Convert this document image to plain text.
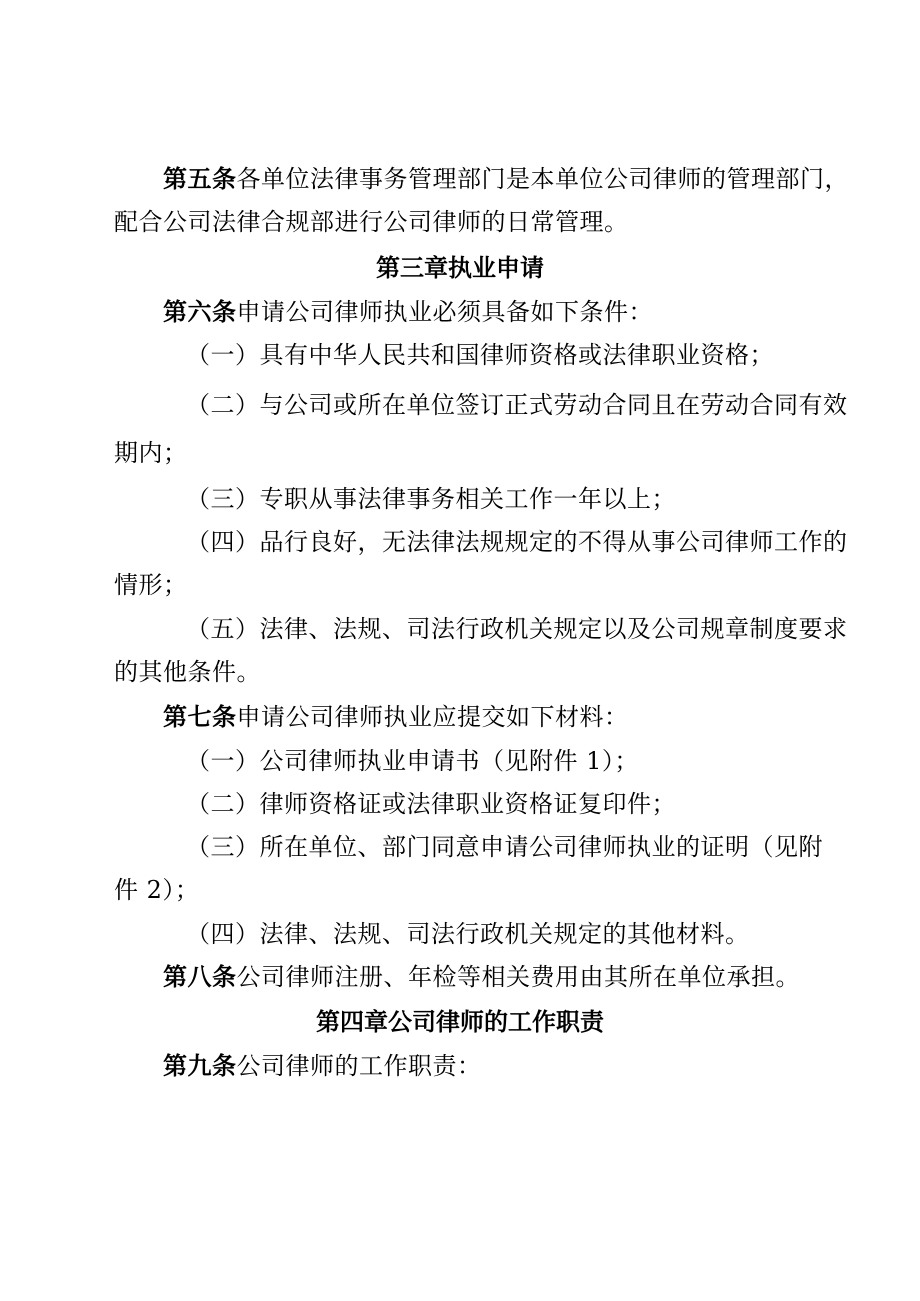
第五条各单位法律事务管理部门是本单位公司律师的管理部门，
配合公司法律合规部进行公司律师的日常管理。
第三章执业申请
第六条申请公司律师执业必须具备如下条件：
（一）具有中华人民共和国律师资格或法律职业资格；
（二）与公司或所在单位签订正式劳动合同且在劳动合同有效
期内；
（三）专职从事法律事务相关工作一年以上；
（四）品行良好，无法律法规规定的不得从事公司律师工作的
情形；
（五）法律、法规、司法行政机关规定以及公司规章制度要求
的其他条件。
第七条申请公司律师执业应提交如下材料：
（一）公司律师执业申请书（见附件 1）；
（二）律师资格证或法律职业资格证复印件；
（三）所在单位、部门同意申请公司律师执业的证明（见附
件 2）；
（四）法律、法规、司法行政机关规定的其他材料。
第八条公司律师注册、年检等相关费用由其所在单位承担。
第四章公司律师的工作职责
第九条公司律师的工作职责：
